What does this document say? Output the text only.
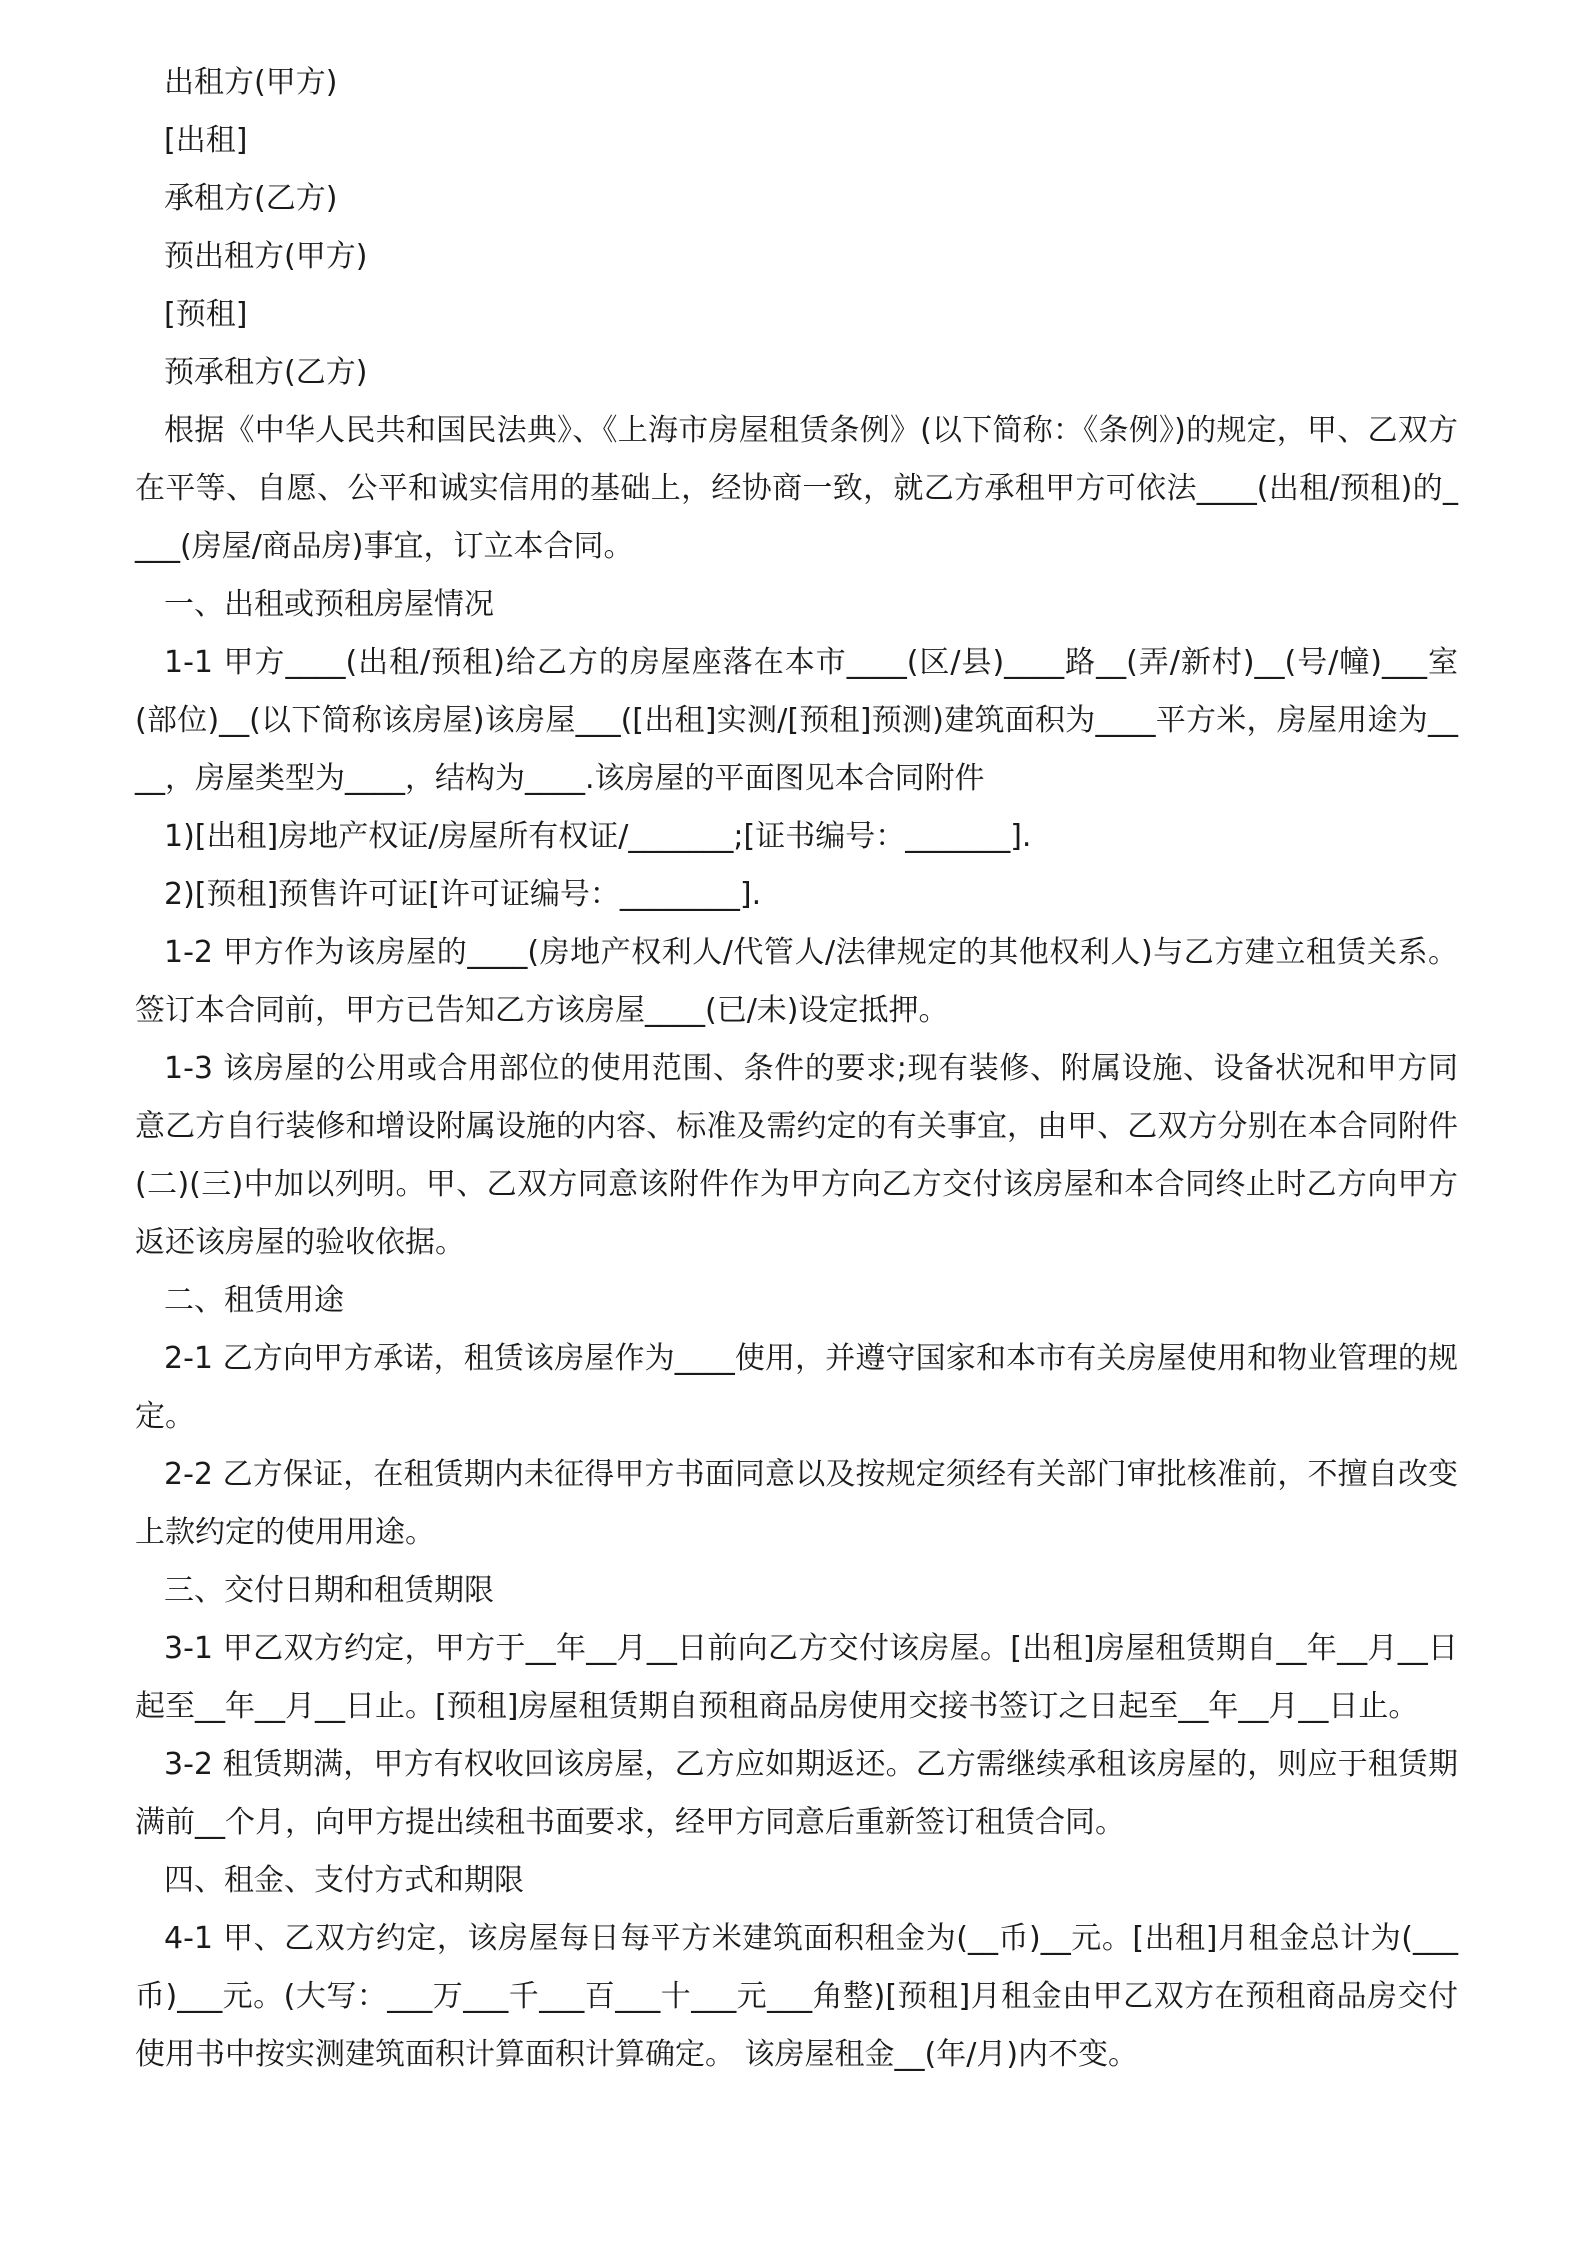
出租方(甲方)
[出租]
承租方(乙方)
预出租方(甲方)
[预租]
预承租方(乙方)

根据《中华人民共和国民法典》、《上海市房屋租赁条例》(以下简称：《条例》)的规定，甲、乙双方在平等、自愿、公平和诚实信用的基础上，经协商一致，就乙方承租甲方可依法____(出租/预租)的____(房屋/商品房)事宜，订立本合同。

一、出租或预租房屋情况

1-1 甲方____(出租/预租)给乙方的房屋座落在本市____(区/县)____路__(弄/新村)__(号/幢)___室(部位)__(以下简称该房屋)该房屋___([出租]实测/[预租]预测)建筑面积为____平方米，房屋用途为____，房屋类型为____，结构为____.该房屋的平面图见本合同附件

1)[出租]房地产权证/房屋所有权证/_______;[证书编号：_______].

2)[预租]预售许可证[许可证编号：________].

1-2 甲方作为该房屋的____(房地产权利人/代管人/法律规定的其他权利人)与乙方建立租赁关系。签订本合同前，甲方已告知乙方该房屋____(已/未)设定抵押。

1-3 该房屋的公用或合用部位的使用范围、条件的要求;现有装修、附属设施、设备状况和甲方同意乙方自行装修和增设附属设施的内容、标准及需约定的有关事宜，由甲、乙双方分别在本合同附件(二)(三)中加以列明。甲、乙双方同意该附件作为甲方向乙方交付该房屋和本合同终止时乙方向甲方返还该房屋的验收依据。

二、租赁用途

2-1 乙方向甲方承诺，租赁该房屋作为____使用，并遵守国家和本市有关房屋使用和物业管理的规定。

2-2 乙方保证，在租赁期内未征得甲方书面同意以及按规定须经有关部门审批核准前，不擅自改变上款约定的使用用途。

三、交付日期和租赁期限

3-1 甲乙双方约定，甲方于__年__月__日前向乙方交付该房屋。[出租]房屋租赁期自__年__月__日起至__年__月__日止。[预租]房屋租赁期自预租商品房使用交接书签订之日起至__年__月__日止。

3-2 租赁期满，甲方有权收回该房屋，乙方应如期返还。乙方需继续承租该房屋的，则应于租赁期满前__个月，向甲方提出续租书面要求，经甲方同意后重新签订租赁合同。

四、租金、支付方式和期限

4-1 甲、乙双方约定，该房屋每日每平方米建筑面积租金为(__币)__元。[出租]月租金总计为(___币)___元。(大写：___万___千___百___十___元___角整)[预租]月租金由甲乙双方在预租商品房交付使用书中按实测建筑面积计算面积计算确定。 该房屋租金__(年/月)内不变。
